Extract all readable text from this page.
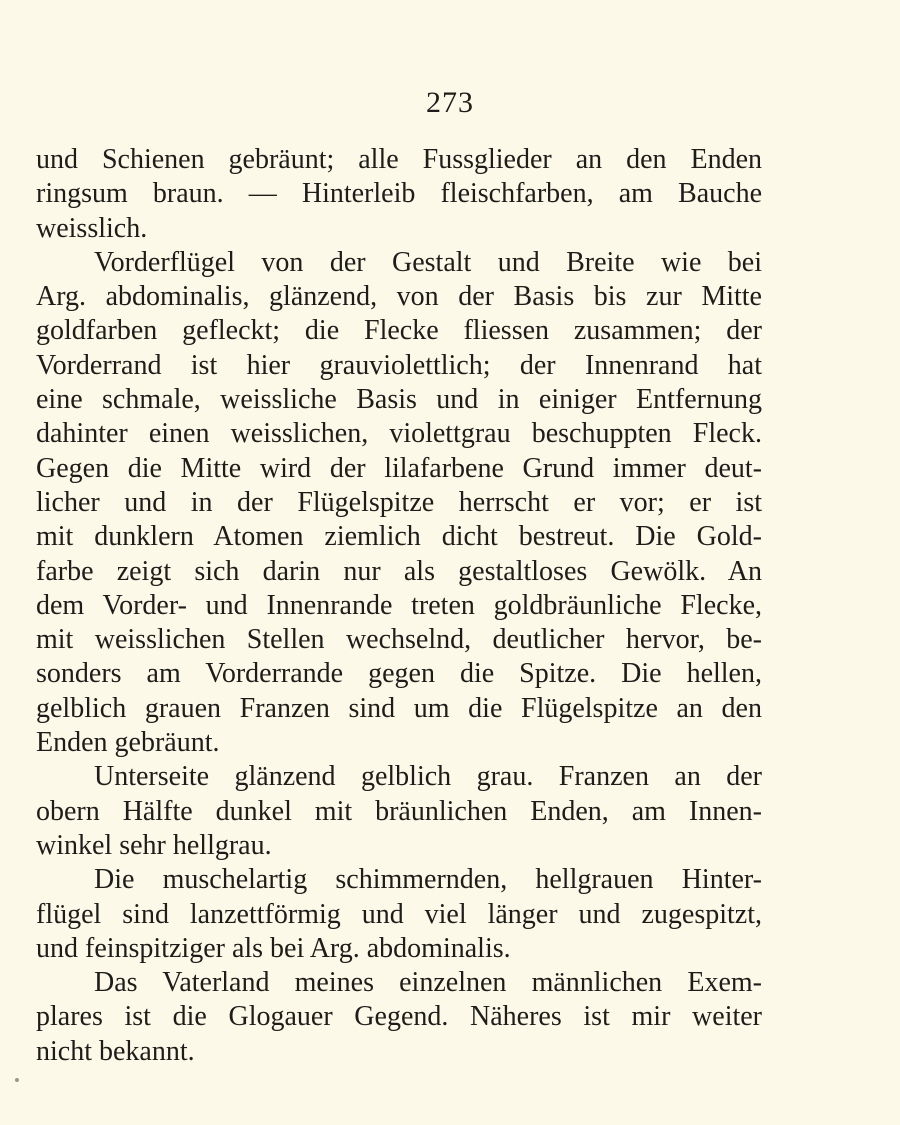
273
und Schienen gebräunt; alle Fussglieder an den Enden
ringsum braun. — Hinterleib fleischfarben, am Bauche
weisslich.
Vorderflügel von der Gestalt und Breite wie bei
Arg. abdominalis, glänzend, von der Basis bis zur Mitte
goldfarben gefleckt; die Flecke fliessen zusammen; der
Vorderrand ist hier grauviolettlich; der Innenrand hat
eine schmale, weissliche Basis und in einiger Entfernung
dahinter einen weisslichen, violettgrau beschuppten Fleck.
Gegen die Mitte wird der lilafarbene Grund immer deut-
licher und in der Flügelspitze herrscht er vor; er ist
mit dunklern Atomen ziemlich dicht bestreut. Die Gold-
farbe zeigt sich darin nur als gestaltloses Gewölk. An
dem Vorder- und Innenrande treten goldbräunliche Flecke,
mit weisslichen Stellen wechselnd, deutlicher hervor, be-
sonders am Vorderrande gegen die Spitze. Die hellen,
gelblich grauen Franzen sind um die Flügelspitze an den
Enden gebräunt.
Unterseite glänzend gelblich grau. Franzen an der
obern Hälfte dunkel mit bräunlichen Enden, am Innen-
winkel sehr hellgrau.
Die muschelartig schimmernden, hellgrauen Hinter-
flügel sind lanzettförmig und viel länger und zugespitzt,
und feinspitziger als bei Arg. abdominalis.
Das Vaterland meines einzelnen männlichen Exem-
plares ist die Glogauer Gegend. Näheres ist mir weiter
nicht bekannt.
